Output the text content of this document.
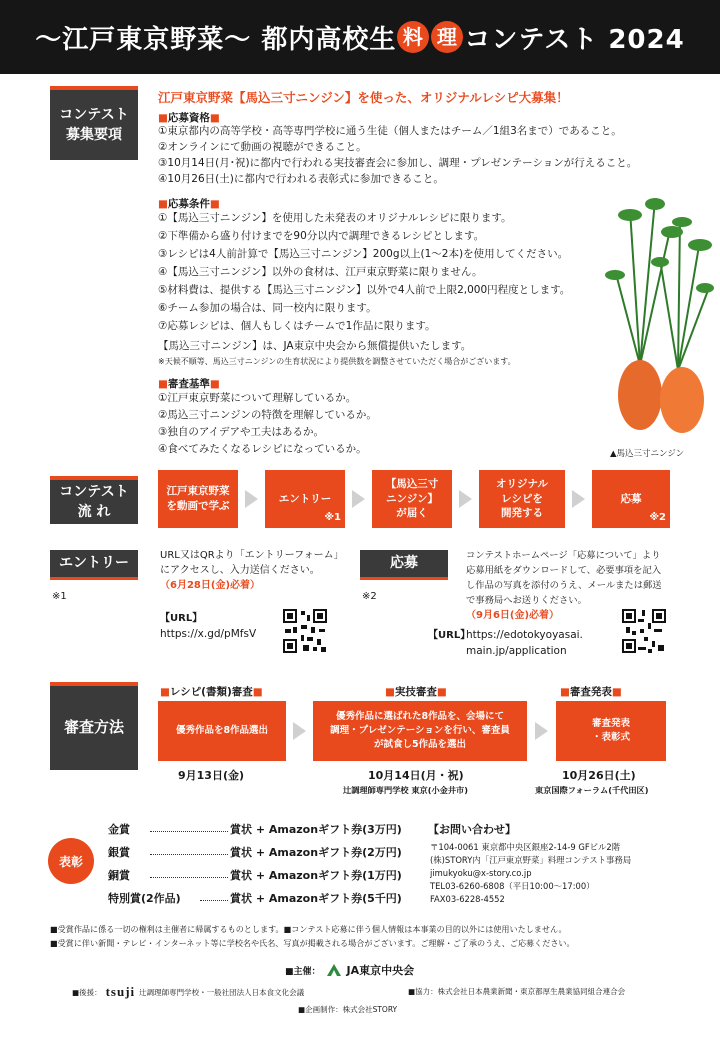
～江戸東京野菜～ 都内高校生 料 理 コンテスト 2024
コンテスト
募集要項
江戸東京野菜【馬込三寸ニンジン】を使った、オリジナルレシピ大募集！
■応募資格■
①東京都内の高等学校・高等専門学校に通う生徒（個人またはチーム／1組3名まで）であること。
②オンラインにて動画の視聴ができること。
③10月14日(月･祝)に都内で行われる実技審査会に参加し、調理・プレゼンテーションが行えること。
④10月26日(土)に都内で行われる表彰式に参加できること。
■応募条件■
①【馬込三寸ニンジン】を使用した未発表のオリジナルレシピに限ります。
②下準備から盛り付けまでを90分以内で調理できるレシピとします。
③レシピは4人前計算で【馬込三寸ニンジン】200g以上(1～2本)を使用してください。
④【馬込三寸ニンジン】以外の食材は、江戸東京野菜に限りません。
⑤材料費は、提供する【馬込三寸ニンジン】以外で4人前で上限2,000円程度とします。
⑥チーム参加の場合は、同一校内に限ります。
⑦応募レシピは、個人もしくはチームで1作品に限ります。
【馬込三寸ニンジン】は、JA東京中央会から無償提供いたします。
※天候不順等、馬込三寸ニンジンの生育状況により提供数を調整させていただく場合がございます。
■審査基準■
①江戸東京野菜について理解しているか。
②馬込三寸ニンジンの特徴を理解しているか。
③独自のアイデアや工夫はあるか。
④食べてみたくなるレシピになっているか。	▲馬込三寸ニンジン
コンテスト
流 れ
江戸東京野菜
を動画で学ぶ
エントリー
※1
【馬込三寸
ニンジン】
が届く
オリジナル
レシピを
開発する
応募
※2
エントリー
※1
URL又はQRより「エントリーフォーム」
にアクセスし、入力送信ください。
（6月28日(金)必着）
【URL】
https://x.gd/pMfsV
応募
※2
コンテストホームページ「応募について」より
応募用紙をダウンロードして、必要事項を記入
し作品の写真を添付のうえ、メールまたは郵送
で事務局へお送りください。
（9月6日(金)必着）
【URL】
https://edotokyoyasai.
main.jp/application
審査方法
■レシピ(書類)審査■
優秀作品を8作品選出
9月13日(金)
■実技審査■
優秀作品に選ばれた8作品を、会場にて
調理・プレゼンテーションを行い、審査員
が試食し5作品を選出
10月14日(月・祝)
辻調理師専門学校 東京(小金井市)
■審査発表■
審査発表
・表彰式
10月26日(土)
東京国際フォーラム(千代田区)
表彰
金賞	賞状 + Amazonギフト券(3万円)
銀賞	賞状 + Amazonギフト券(2万円)
銅賞	賞状 + Amazonギフト券(1万円)
特別賞(2作品)	賞状 + Amazonギフト券(5千円)
【お問い合わせ】
〒104-0061 東京都中央区銀座2-14-9 GFビル2階
(株)STORY内「江戸東京野菜」料理コンテスト事務局
jimukyoku@x-story.co.jp
TEL03-6260-6808（平日10:00～17:00）
FAX03-6228-4552
■受賞作品に係る一切の権利は主催者に帰属するものとします。■コンテスト応募に伴う個人情報は本事業の目的以外には使用いたしません。
■受賞に伴い新聞・テレビ・インターネット等に学校名や氏名、写真が掲載される場合がございます。ご理解・ご了承のうえ、ご応募ください。
■主催： JA東京中央会
■後援： tsuji 辻調理師専門学校・一般社団法人日本食文化会議	■協力：株式会社日本農業新聞・東京都厚生農業協同組合連合会
■企画制作：株式会社STORY
